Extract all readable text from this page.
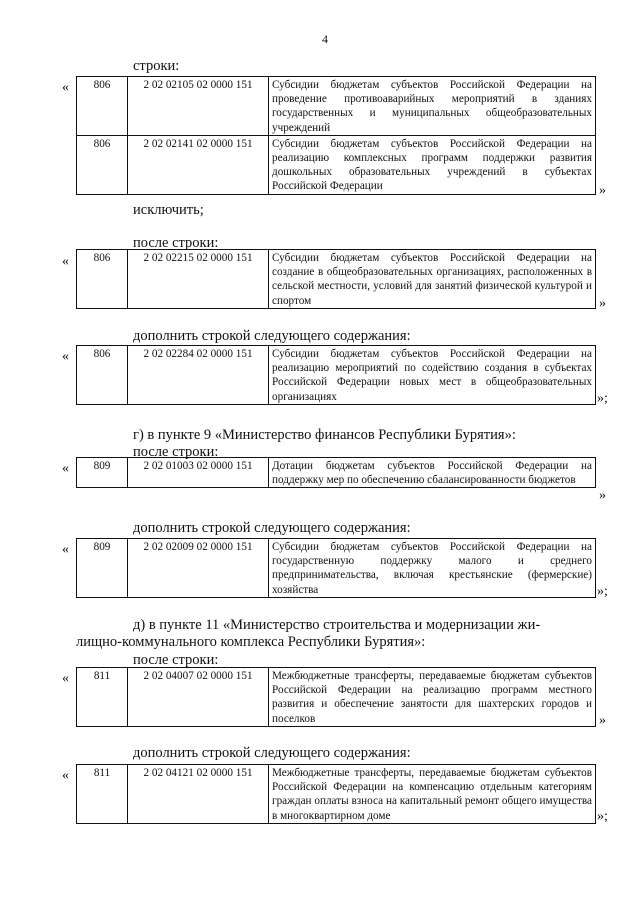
4
строки:
« 806	2 02 02105 02 0000 151	Субсидии бюджетам субъектов Российской Федерации на проведение противоаварийных мероприятий в зданиях государственных и муниципальных общеобразовательных учреждений
806	2 02 02141 02 0000 151	Субсидии бюджетам субъектов Российской Федерации на реализацию комплексных программ поддержки развития дошкольных образовательных учреждений в субъектах Российской Федерации	»
исключить;
после строки:
« 806	2 02 02215 02 0000 151	Субсидии бюджетам субъектов Российской Федерации на создание в общеобразовательных организациях, расположенных в сельской местности, условий для занятий физической культурой и спортом	»
дополнить строкой следующего содержания:
« 806	2 02 02284 02 0000 151	Субсидии бюджетам субъектов Российской Федерации на реализацию мероприятий по содействию создания в субъектах Российской Федерации новых мест в общеобразовательных организациях	»;
г) в пункте 9 «Министерство финансов Республики Бурятия»:
после строки:
« 809	2 02 01003 02 0000 151	Дотации бюджетам субъектов Российской Федерации на поддержку мер по обеспечению сбалансированности бюджетов
»
дополнить строкой следующего содержания:
« 809	2 02 02009 02 0000 151	Субсидии бюджетам субъектов Российской Федерации на государственную поддержку малого и среднего предпринимательства, включая крестьянские (фермерские) хозяйства	»;
д) в пункте 11 «Министерство строительства и модернизации жи-
лищно-коммунального комплекса Республики Бурятия»:
после строки:
« 811	2 02 04007 02 0000 151	Межбюджетные трансферты, передаваемые бюджетам субъектов Российской Федерации на реализацию программ местного развития и обеспечение занятости для шахтерских городов и поселков	»
дополнить строкой следующего содержания:
« 811	2 02 04121 02 0000 151	Межбюджетные трансферты, передаваемые бюджетам субъектов Российской Федерации на компенсацию отдельным категориям граждан оплаты взноса на капитальный ремонт общего имущества в многоквартирном доме	»;
